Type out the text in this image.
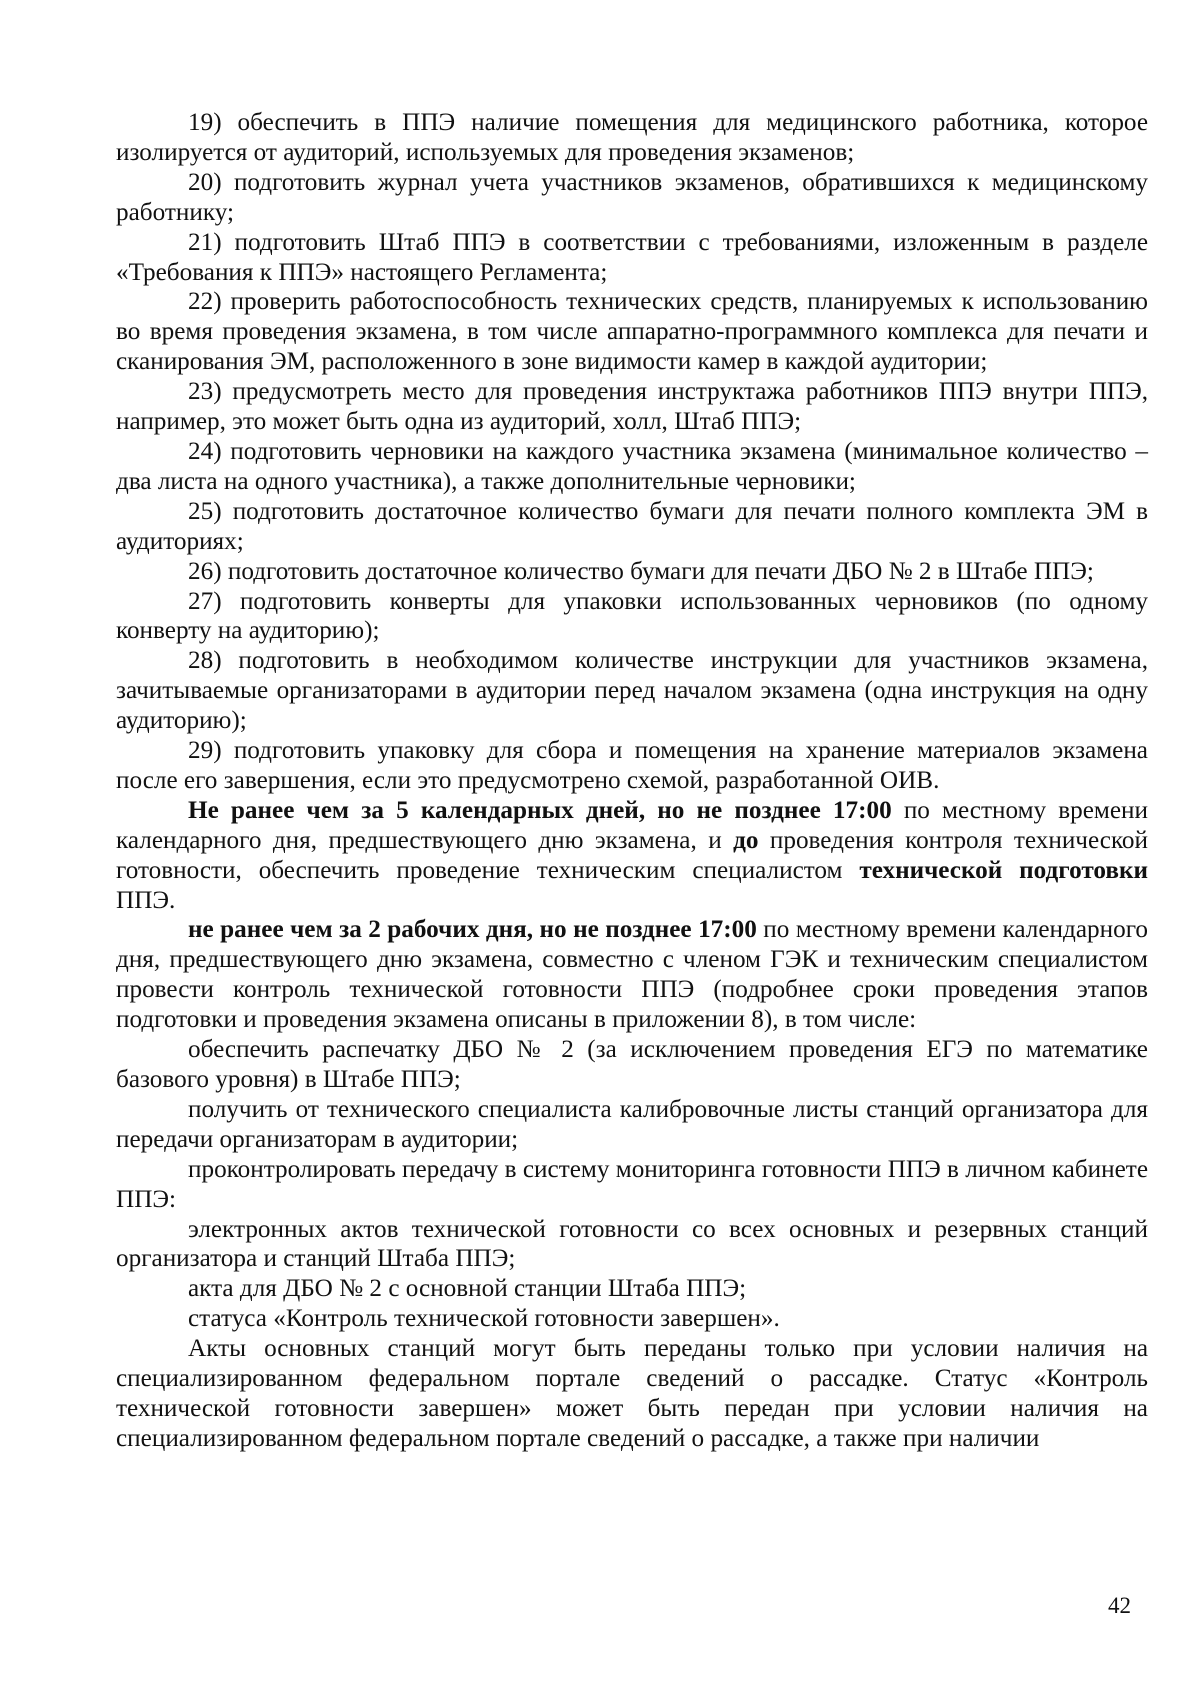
19) обеспечить в ППЭ наличие помещения для медицинского работника, которое изолируется от аудиторий, используемых для проведения экзаменов;

20) подготовить журнал учета участников экзаменов, обратившихся к медицинскому работнику;

21) подготовить Штаб ППЭ в соответствии с требованиями, изложенным в разделе «Требования к ППЭ» настоящего Регламента;

22) проверить работоспособность технических средств, планируемых к использованию во время проведения экзамена, в том числе аппаратно-программного комплекса для печати и сканирования ЭМ, расположенного в зоне видимости камер в каждой аудитории;

23) предусмотреть место для проведения инструктажа работников ППЭ внутри ППЭ, например, это может быть одна из аудиторий, холл, Штаб ППЭ;

24) подготовить черновики на каждого участника экзамена (минимальное количество – два листа на одного участника), а также дополнительные черновики;

25) подготовить достаточное количество бумаги для печати полного комплекта ЭМ в аудиториях;

26) подготовить достаточное количество бумаги для печати ДБО № 2 в Штабе ППЭ;

27) подготовить конверты для упаковки использованных черновиков (по одному конверту на аудиторию);

28) подготовить в необходимом количестве инструкции для участников экзамена, зачитываемые организаторами в аудитории перед началом экзамена (одна инструкция на одну аудиторию);

29) подготовить упаковку для сбора и помещения на хранение материалов экзамена после его завершения, если это предусмотрено схемой, разработанной ОИВ.

Не ранее чем за 5 календарных дней, но не позднее 17:00 по местному времени календарного дня, предшествующего дню экзамена, и до проведения контроля технической готовности, обеспечить проведение техническим специалистом технической подготовки ППЭ.

не ранее чем за 2 рабочих дня, но не позднее 17:00 по местному времени календарного дня, предшествующего дню экзамена, совместно с членом ГЭК и техническим специалистом провести контроль технической готовности ППЭ (подробнее сроки проведения этапов подготовки и проведения экзамена описаны в приложении 8), в том числе:

обеспечить распечатку ДБО № 2 (за исключением проведения ЕГЭ по математике базового уровня) в Штабе ППЭ;

получить от технического специалиста калибровочные листы станций организатора для передачи организаторам в аудитории;

проконтролировать передачу в систему мониторинга готовности ППЭ в личном кабинете ППЭ:

электронных актов технической готовности со всех основных и резервных станций организатора и станций Штаба ППЭ;

акта для ДБО № 2 с основной станции Штаба ППЭ;

статуса «Контроль технической готовности завершен».

Акты основных станций могут быть переданы только при условии наличия на специализированном федеральном портале сведений о рассадке. Статус «Контроль технической готовности завершен» может быть передан при условии наличия на специализированном федеральном портале сведений о рассадке, а также при наличии

42
